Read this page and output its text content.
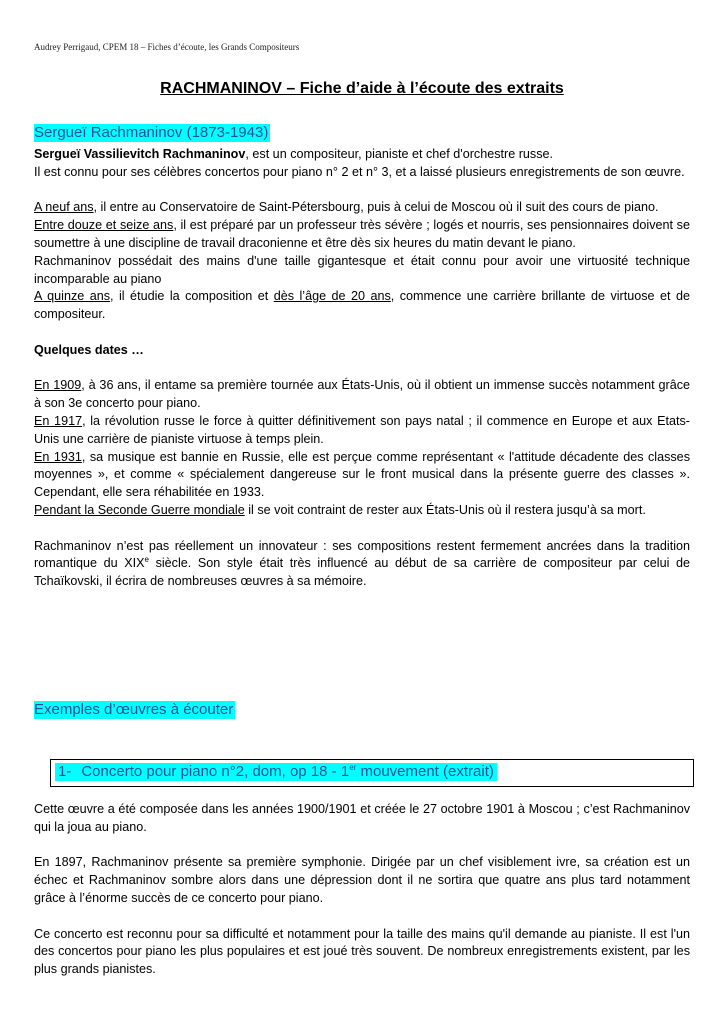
Audrey Perrigaud, CPEM 18 – Fiches d’écoute, les Grands Compositeurs
RACHMANINOV – Fiche d’aide à l’écoute des extraits
Sergueï Rachmaninov (1873-1943)

Sergueï Vassilievitch Rachmaninov, est un compositeur, pianiste et chef d'orchestre russe.

Il est connu pour ses célèbres concertos pour piano n° 2 et n° 3, et a laissé plusieurs enregistrements de son œuvre.

A neuf ans, il entre au Conservatoire de Saint-Pétersbourg, puis à celui de Moscou où il suit des cours de piano.

Entre douze et seize ans, il est préparé par un professeur très sévère ; logés et nourris, ses pensionnaires doivent se soumettre à une discipline de travail draconienne et être dès six heures du matin devant le piano.

Rachmaninov possédait des mains d'une taille gigantesque et était connu pour avoir une virtuosité technique incomparable au piano

A quinze ans, il étudie la composition et dès l’âge de 20 ans, commence une carrière brillante de virtuose et de compositeur.

Quelques dates …

En 1909, à 36 ans, il entame sa première tournée aux États-Unis, où il obtient un immense succès notamment grâce à son 3e concerto pour piano.

En 1917, la révolution russe le force à quitter définitivement son pays natal ; il commence en Europe et aux Etats-Unis une carrière de pianiste virtuose à temps plein.

En 1931, sa musique est bannie en Russie, elle est perçue comme représentant « l'attitude décadente des classes moyennes », et comme « spécialement dangereuse sur le front musical dans la présente guerre des classes ». Cependant, elle sera réhabilitée en 1933.

Pendant la Seconde Guerre mondiale il se voit contraint de rester aux États-Unis où il restera jusqu’à sa mort.

Rachmaninov n’est pas réellement un innovateur : ses compositions restent fermement ancrées dans la tradition romantique du XIXe siècle. Son style était très influencé au début de sa carrière de compositeur par celui de Tchaïkovski, il écrira de nombreuses œuvres à sa mémoire.

Exemples d’œuvres à écouter
1- Concerto pour piano n°2, dom, op 18 - 1er mouvement (extrait)

Cette œuvre a été composée dans les années 1900/1901 et créée le 27 octobre 1901 à Moscou ; c’est Rachmaninov qui la joua au piano.

En 1897, Rachmaninov présente sa première symphonie. Dirigée par un chef visiblement ivre, sa création est un échec et Rachmaninov sombre alors dans une dépression dont il ne sortira que quatre ans plus tard notamment grâce à l’énorme succès de ce concerto pour piano.

Ce concerto est reconnu pour sa difficulté et notamment pour la taille des mains qu'il demande au pianiste. Il est l'un des concertos pour piano les plus populaires et est joué très souvent. De nombreux enregistrements existent, par les plus grands pianistes.
